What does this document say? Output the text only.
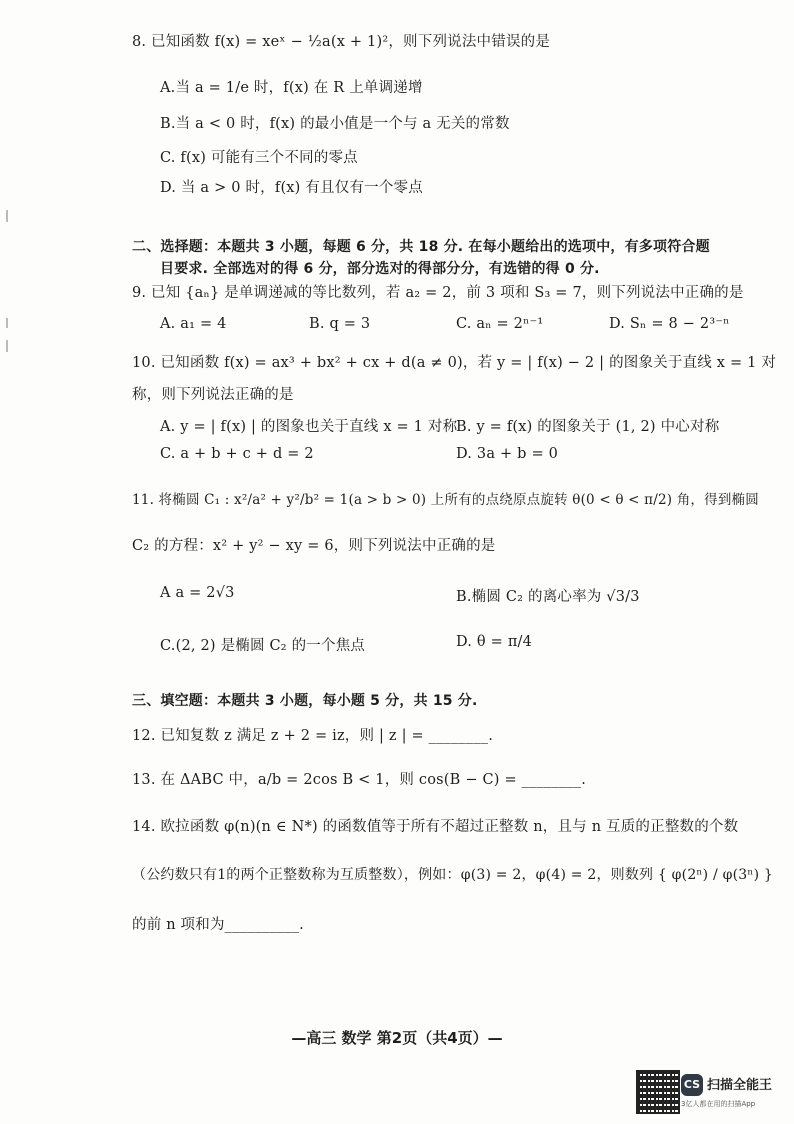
8. 已知函数 f(x) = xeˣ − ½a(x + 1)²，则下列说法中错误的是
A.当 a = 1/e 时，f(x) 在 R 上单调递增
B.当 a < 0 时，f(x) 的最小值是一个与 a 无关的常数
C. f(x) 可能有三个不同的零点
D. 当 a > 0 时，f(x) 有且仅有一个零点
二、选择题：本题共 3 小题，每题 6 分，共 18 分. 在每小题给出的选项中，有多项符合题
目要求. 全部选对的得 6 分，部分选对的得部分分，有选错的得 0 分.
9. 已知 {aₙ} 是单调递减的等比数列，若 a₂ = 2，前 3 项和 S₃ = 7，则下列说法中正确的是
A. a₁ = 4	B. q = 3	C. aₙ = 2ⁿ⁻¹	D. Sₙ = 8 − 2³⁻ⁿ
10. 已知函数 f(x) = ax³ + bx² + cx + d(a ≠ 0)，若 y = | f(x) − 2 | 的图象关于直线 x = 1 对
称，则下列说法正确的是
A. y = | f(x) | 的图象也关于直线 x = 1 对称
B. y = f(x) 的图象关于 (1, 2) 中心对称
C. a + b + c + d = 2	D. 3a + b = 0
11. 将椭圆 C₁ : x²/a² + y²/b² = 1(a > b > 0) 上所有的点绕原点旋转 θ(0 < θ < π/2) 角，得到椭圆
C₂ 的方程：x² + y² − xy = 6，则下列说法中正确的是
A a = 2√3	B.椭圆 C₂ 的离心率为 √3/3
C.(2, 2) 是椭圆 C₂ 的一个焦点	D. θ = π/4
三、填空题：本题共 3 小题，每小题 5 分，共 15 分.
12. 已知复数 z 满足 z + 2 = iz，则 | z | = ________.
13. 在 ΔABC 中，a/b = 2cos B < 1，则 cos(B − C) = ________.
14. 欧拉函数 φ(n)(n ∈ N*) 的函数值等于所有不超过正整数 n，且与 n 互质的正整数的个数
（公约数只有1的两个正整数称为互质整数），例如：φ(3) = 2，φ(4) = 2，则数列 { φ(2ⁿ) / φ(3ⁿ) }
的前 n 项和为__________.
—高三 数学 第2页（共4页）—
CS 扫描全能王
3亿人都在用的扫描App
